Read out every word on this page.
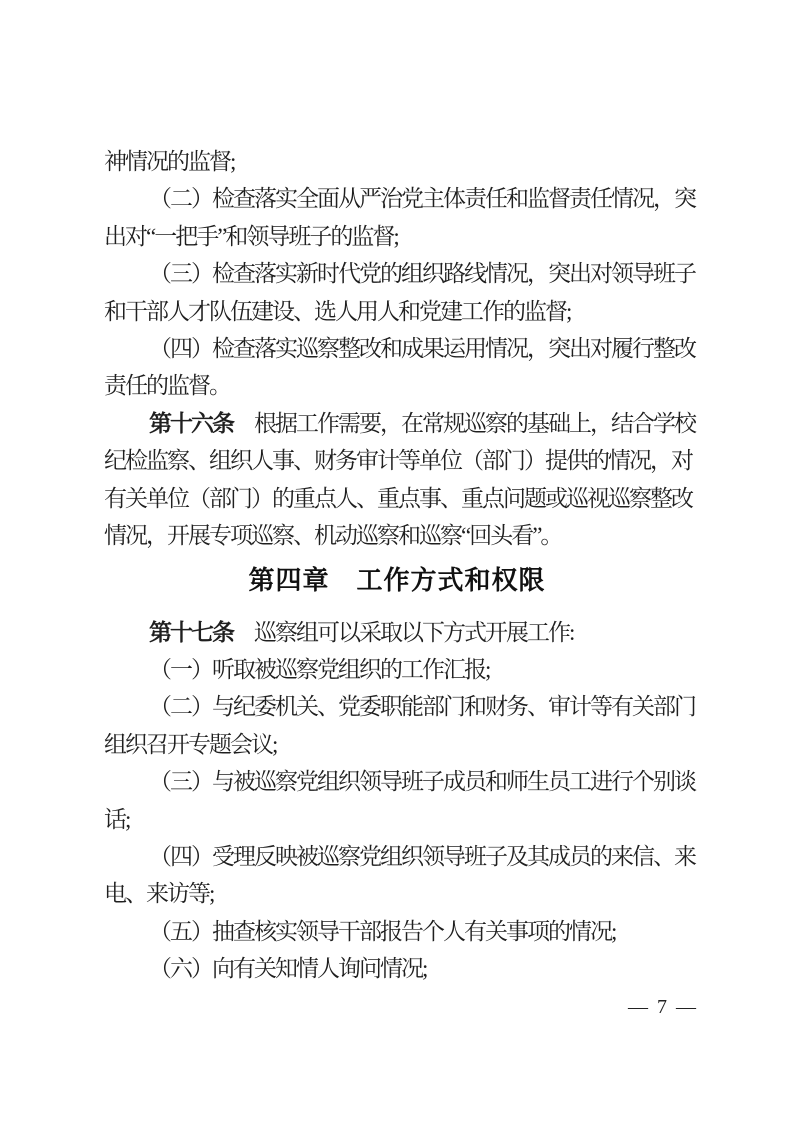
神情况的监督;
（二）检查落实全面从严治党主体责任和监督责任情况，突
出对“一把手”和领导班子的监督;
（三）检查落实新时代党的组织路线情况，突出对领导班子
和干部人才队伍建设、选人用人和党建工作的监督;
（四）检查落实巡察整改和成果运用情况，突出对履行整改
责任的监督。
第十六条　根据工作需要，在常规巡察的基础上，结合学校
纪检监察、组织人事、财务审计等单位（部门）提供的情况，对
有关单位（部门）的重点人、重点事、重点问题或巡视巡察整改
情况，开展专项巡察、机动巡察和巡察“回头看”。
第四章　工作方式和权限
第十七条　巡察组可以采取以下方式开展工作:
（一）听取被巡察党组织的工作汇报;
（二）与纪委机关、党委职能部门和财务、审计等有关部门
组织召开专题会议;
（三）与被巡察党组织领导班子成员和师生员工进行个别谈
话;
（四）受理反映被巡察党组织领导班子及其成员的来信、来
电、来访等;
（五）抽查核实领导干部报告个人有关事项的情况;
（六）向有关知情人询问情况;
— 7 —
